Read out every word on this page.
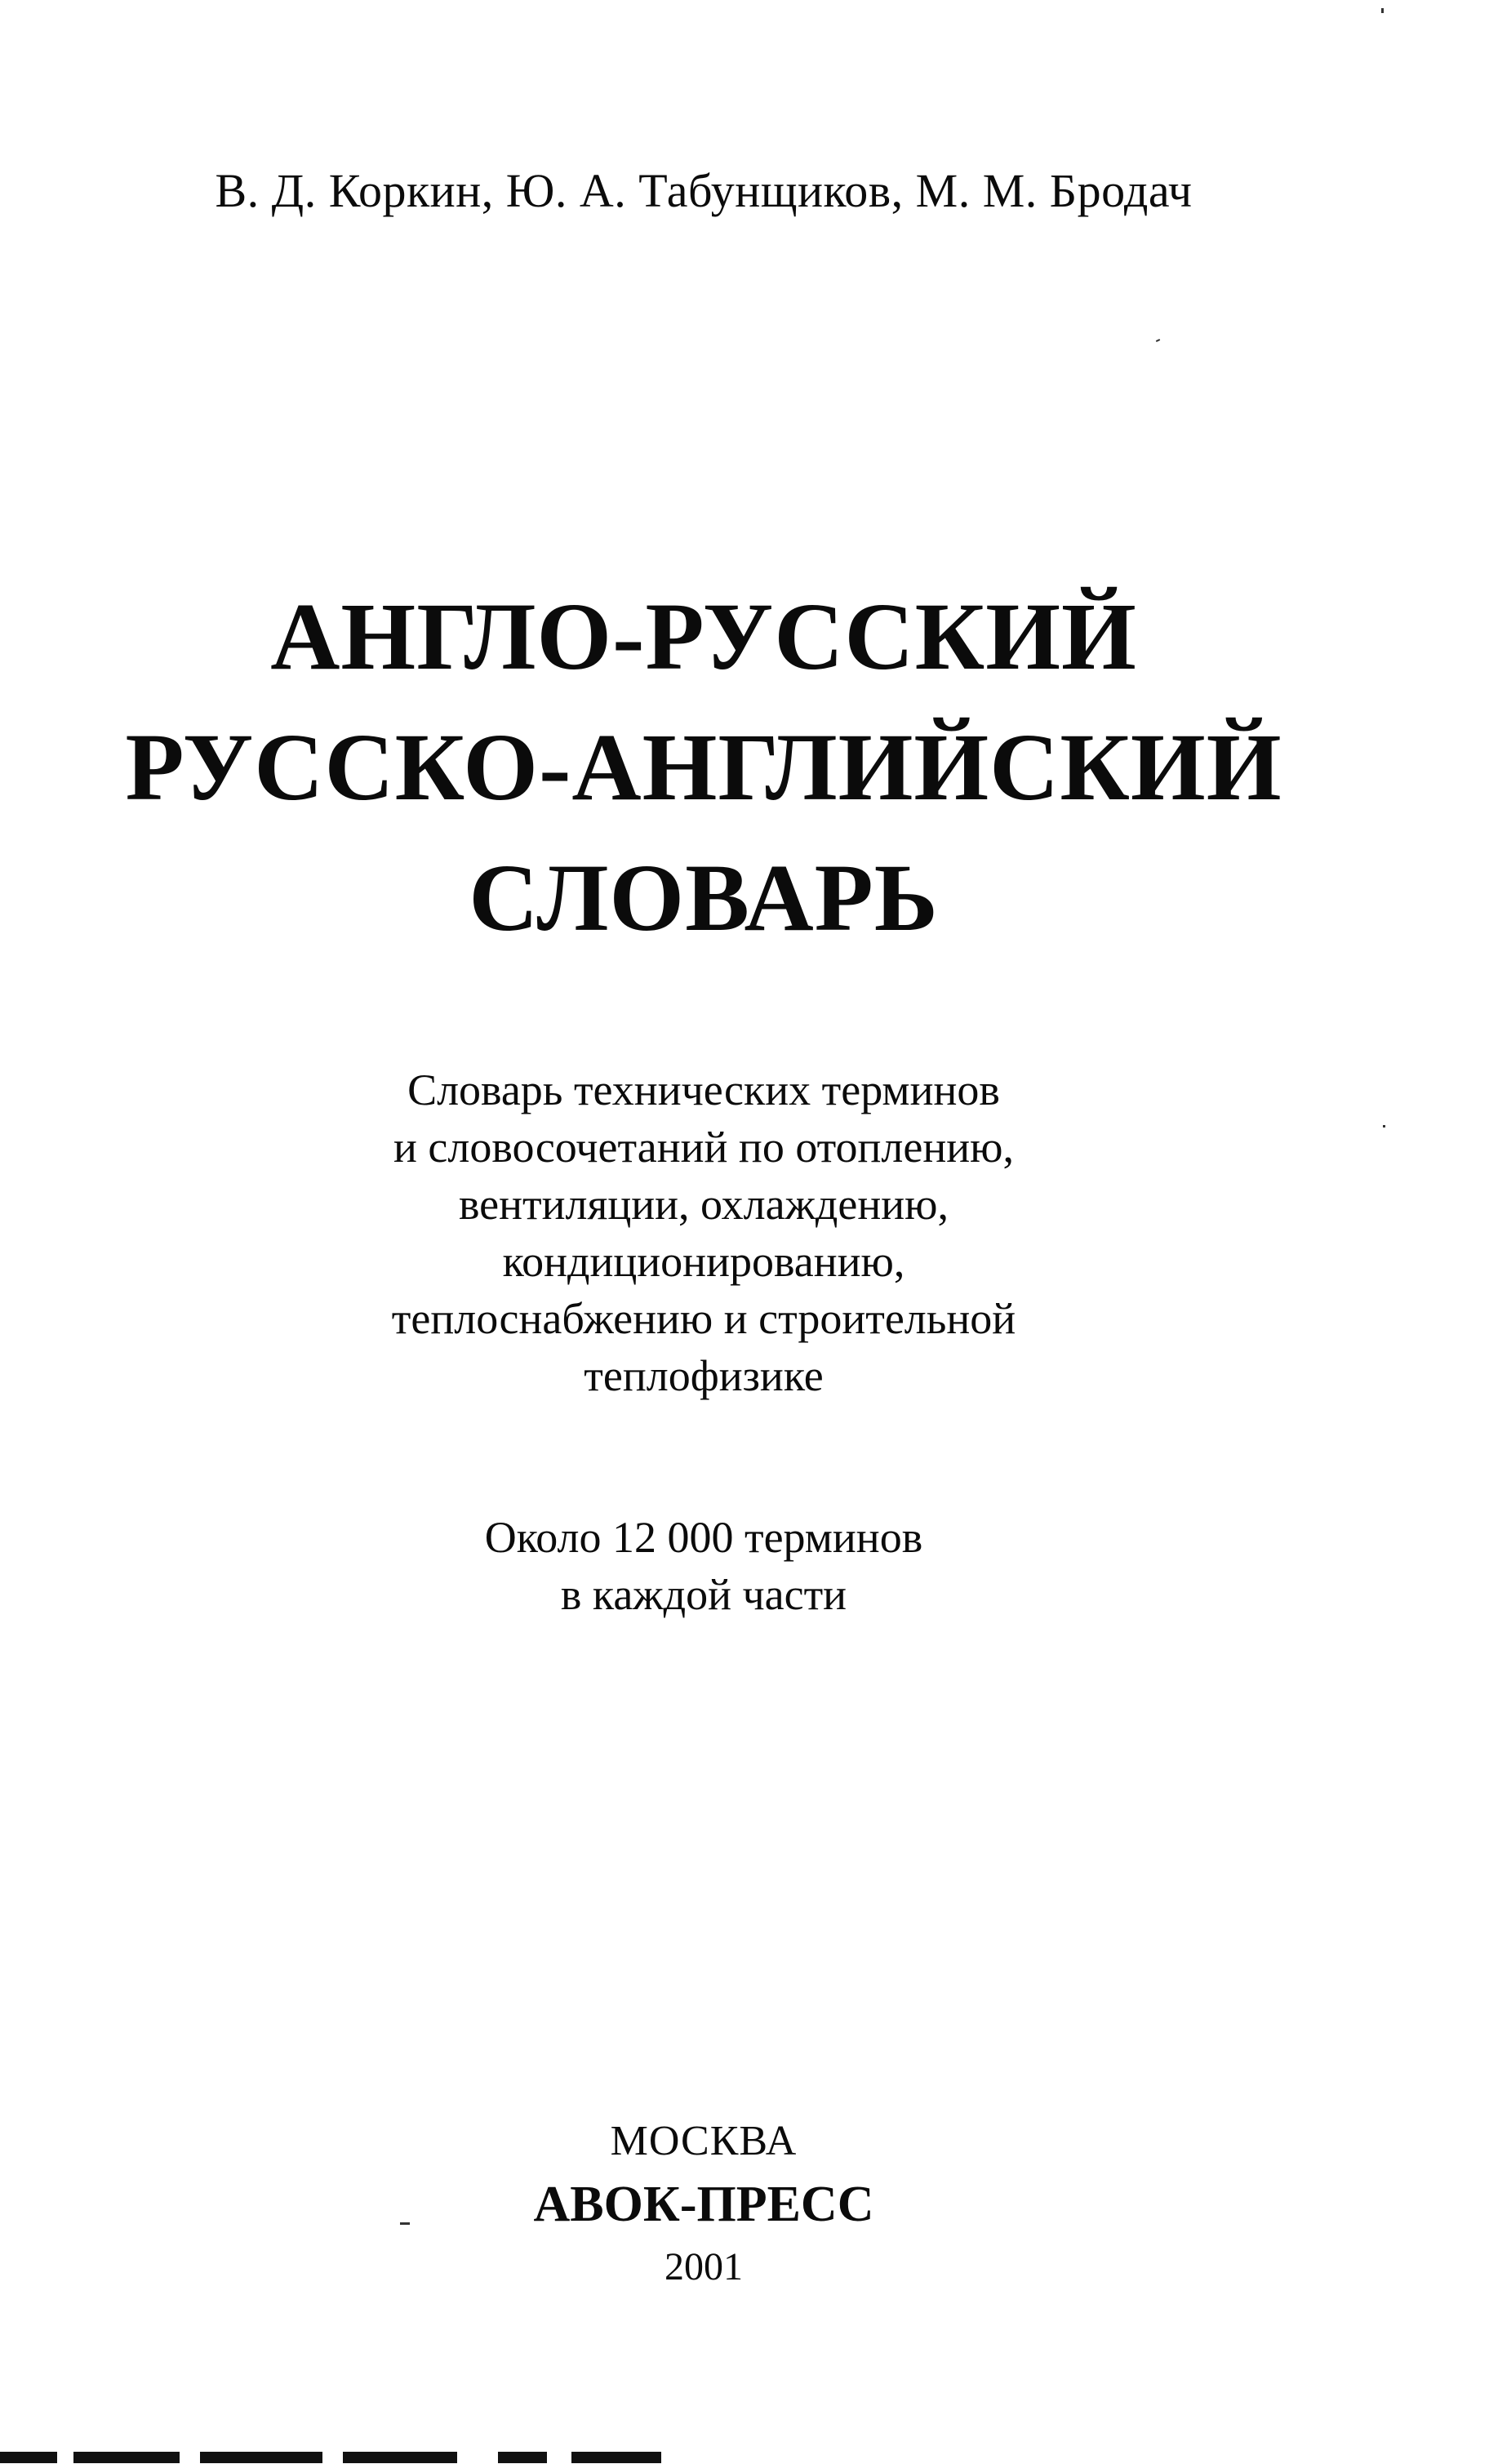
В. Д. Коркин, Ю. А. Табунщиков, М. М. Бродач
АНГЛО-РУССКИЙ
РУССКО-АНГЛИЙСКИЙ
СЛОВАРЬ
Словарь технических терминов
и словосочетаний по отоплению,
вентиляции, охлаждению,
кондиционированию,
теплоснабжению и строительной
теплофизике
Около 12 000 терминов
в каждой части
МОСКВА
АВОК-ПРЕСС
2001
